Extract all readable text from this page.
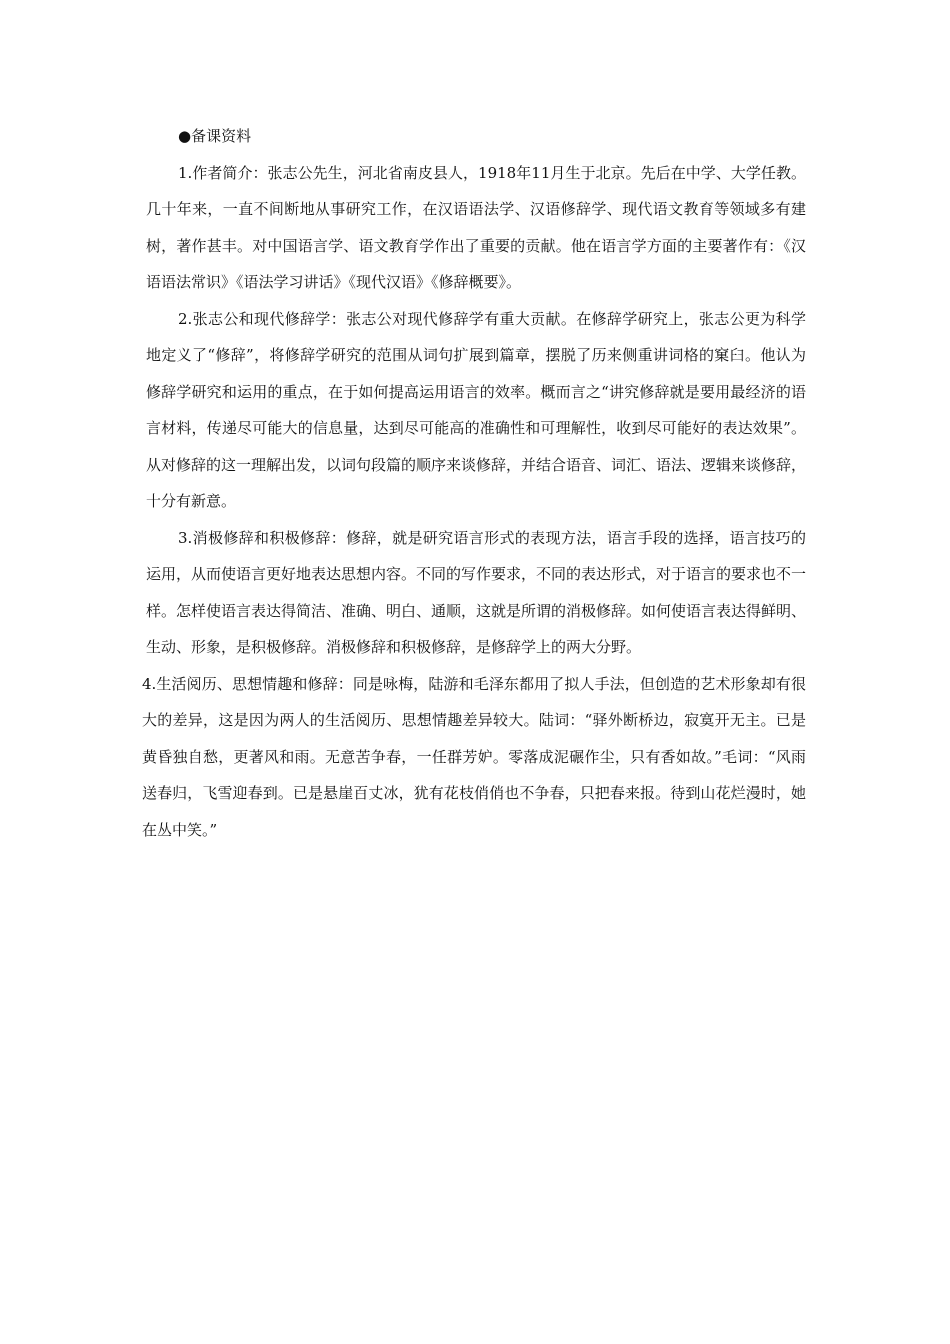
●备课资料

1.作者简介：张志公先生，河北省南皮县人，1918年11月生于北京。先后在中学、大学任教。几十年来，一直不间断地从事研究工作，在汉语语法学、汉语修辞学、现代语文教育等领域多有建树，著作甚丰。对中国语言学、语文教育学作出了重要的贡献。他在语言学方面的主要著作有：《汉语语法常识》《语法学习讲话》《现代汉语》《修辞概要》。

2.张志公和现代修辞学：张志公对现代修辞学有重大贡献。在修辞学研究上，张志公更为科学地定义了“修辞”，将修辞学研究的范围从词句扩展到篇章，摆脱了历来侧重讲词格的窠臼。他认为修辞学研究和运用的重点，在于如何提高运用语言的效率。概而言之“讲究修辞就是要用最经济的语言材料，传递尽可能大的信息量，达到尽可能高的准确性和可理解性，收到尽可能好的表达效果”。从对修辞的这一理解出发，以词句段篇的顺序来谈修辞，并结合语音、词汇、语法、逻辑来谈修辞，十分有新意。

3.消极修辞和积极修辞：修辞，就是研究语言形式的表现方法，语言手段的选择，语言技巧的运用，从而使语言更好地表达思想内容。不同的写作要求，不同的表达形式，对于语言的要求也不一样。怎样使语言表达得简洁、准确、明白、通顺，这就是所谓的消极修辞。如何使语言表达得鲜明、生动、形象，是积极修辞。消极修辞和积极修辞，是修辞学上的两大分野。

4.生活阅历、思想情趣和修辞：同是咏梅，陆游和毛泽东都用了拟人手法，但创造的艺术形象却有很大的差异，这是因为两人的生活阅历、思想情趣差异较大。陆词：“驿外断桥边，寂寞开无主。已是黄昏独自愁，更著风和雨。无意苦争春，一任群芳妒。零落成泥碾作尘，只有香如故。”毛词：“风雨送春归，飞雪迎春到。已是悬崖百丈冰，犹有花枝俏俏也不争春，只把春来报。待到山花烂漫时，她在丛中笑。”
